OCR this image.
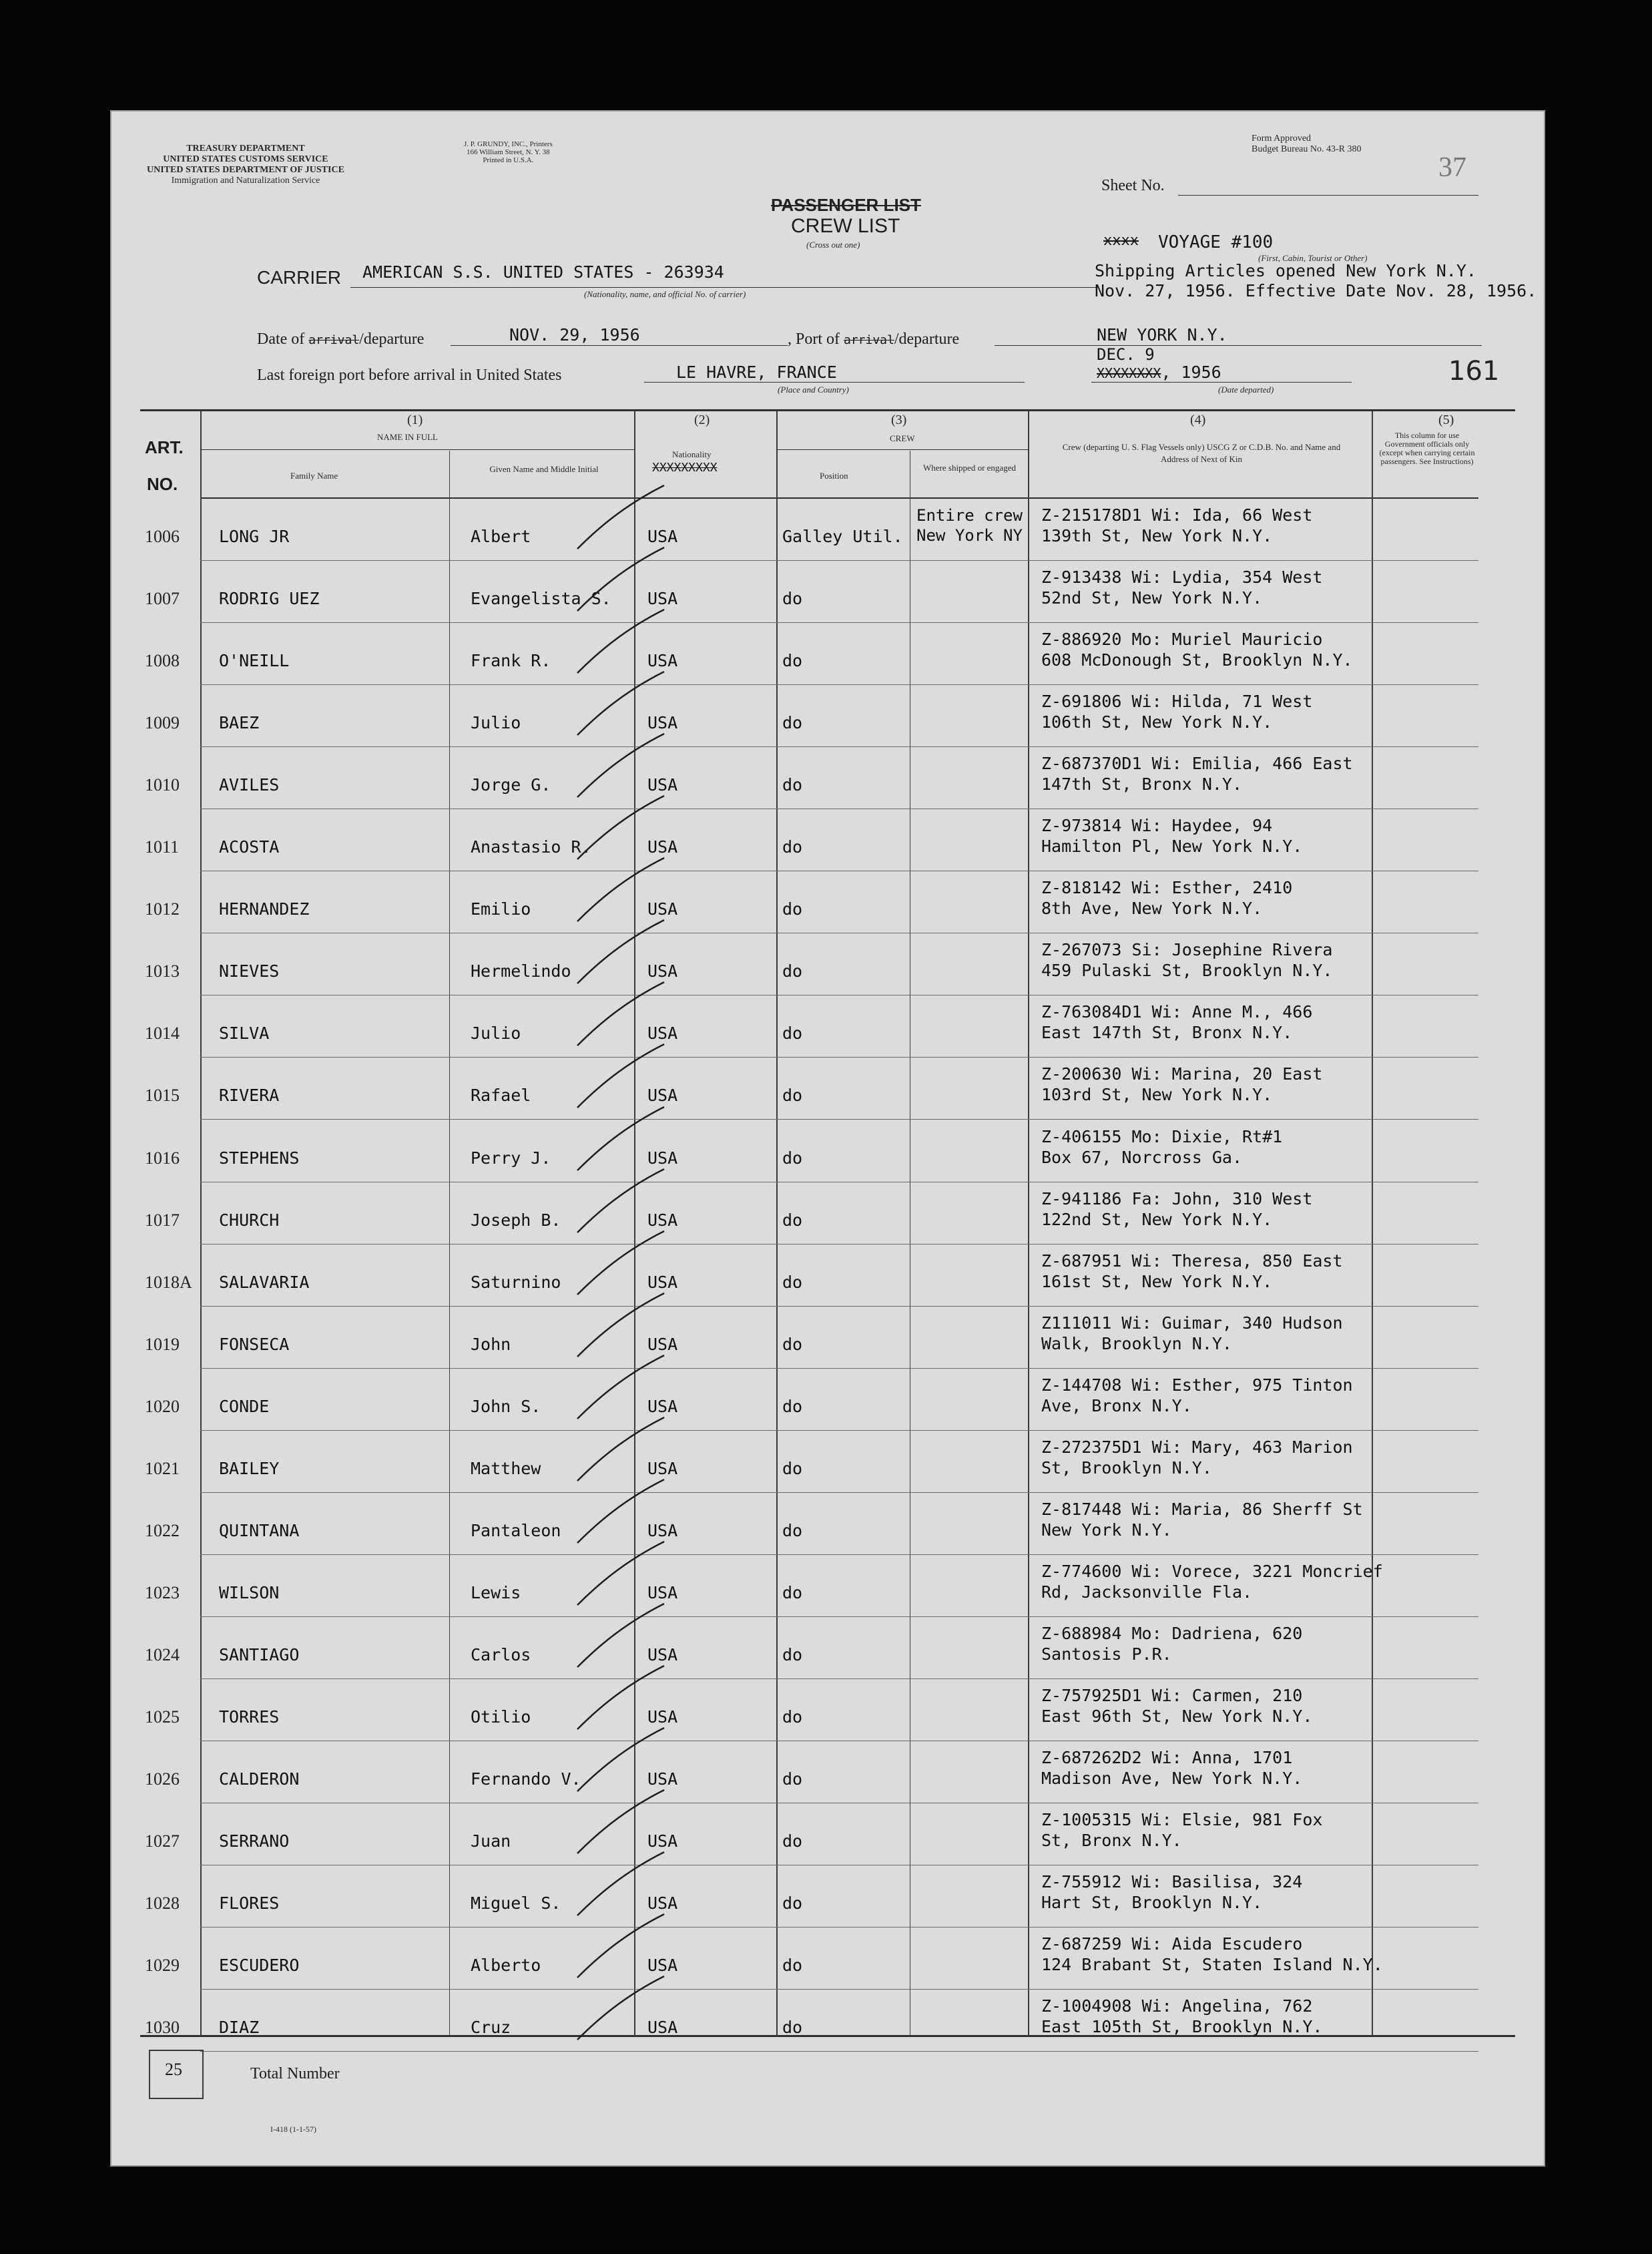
TREASURY DEPARTMENT
UNITED STATES CUSTOMS SERVICE
UNITED STATES DEPARTMENT OF JUSTICE
Immigration and Naturalization Service
J. P. GRUNDY, INC., Printers
166 William Street, N. Y. 38
Printed in U.S.A.
Form Approved
Budget Bureau No. 43-R 380
Sheet No.
37
PASSENGER LIST
CREW LIST
(Cross out one)	xxxx VOYAGE #100
(First, Cabin, Tourist or Other)
CARRIER AMERICAN S.S. UNITED STATES - 263934
(Nationality, name, and official No. of carrier)
Shipping Articles opened New York N.Y.
Nov. 27, 1956. Effective Date Nov. 28, 1956.
Date of arrival/departure	NOV. 29, 1956	, Port of arrival/departure	NEW YORK N.Y.
Last foreign port before arrival in United States	LE HAVRE, FRANCE
(Place and Country)
DEC. 9
XXXXXXXX, 1956
(Date departed)
161
ART.
NO.
(1)
NAME IN FULL
Family Name
Given Name and Middle Initial
(2)
Nationality
XXXXXXXXX
(3)
CREW
Position
Where shipped or engaged
(4)
Crew (departing U. S. Flag Vessels only) USCG Z or C.D.B. No. and Name and Address of Next of Kin
(5)
This column for use Government officials only (except when carrying certain passengers. See Instructions)
1006 LONG JR	Albert	USA	Galley Util.
Entire crew New York NY
Z-215178D1 Wi: Ida, 66 West
139th St, New York N.Y.
1007 RODRIG UEZ	Evangelista S. USA	do
Z-913438 Wi: Lydia, 354 West
52nd St, New York N.Y.
1008 O'NEILL	Frank R.	USA	do
Z-886920 Mo: Muriel Mauricio
608 McDonough St, Brooklyn N.Y.
1009 BAEZ	Julio	USA	do
Z-691806 Wi: Hilda, 71 West
106th St, New York N.Y.
1010 AVILES	Jorge G.	USA	do
Z-687370D1 Wi: Emilia, 466 East
147th St, Bronx N.Y.
1011 ACOSTA	Anastasio R.	USA	do
Z-973814 Wi: Haydee, 94
Hamilton Pl, New York N.Y.
1012 HERNANDEZ	Emilio	USA	do
Z-818142 Wi: Esther, 2410
8th Ave, New York N.Y.
1013 NIEVES	Hermelindo	USA	do
Z-267073 Si: Josephine Rivera
459 Pulaski St, Brooklyn N.Y.
1014 SILVA	Julio	USA	do
Z-763084D1 Wi: Anne M., 466
East 147th St, Bronx N.Y.
1015 RIVERA	Rafael	USA	do
Z-200630 Wi: Marina, 20 East
103rd St, New York N.Y.
1016 STEPHENS	Perry J.	USA	do
Z-406155 Mo: Dixie, Rt#1
Box 67, Norcross Ga.
1017 CHURCH	Joseph B.	USA	do
Z-941186 Fa: John, 310 West
122nd St, New York N.Y.
1018A SALAVARIA	Saturnino	USA	do
Z-687951 Wi: Theresa, 850 East
161st St, New York N.Y.
1019 FONSECA	John	USA	do
Z111011 Wi: Guimar, 340 Hudson
Walk, Brooklyn N.Y.
1020 CONDE	John S.	USA	do
Z-144708 Wi: Esther, 975 Tinton
Ave, Bronx N.Y.
1021 BAILEY	Matthew	USA	do
Z-272375D1 Wi: Mary, 463 Marion
St, Brooklyn N.Y.
1022 QUINTANA	Pantaleon	USA	do
Z-817448 Wi: Maria, 86 Sherff St
New York N.Y.
1023 WILSON	Lewis	USA	do
Z-774600 Wi: Vorece, 3221 Moncrief
Rd, Jacksonville Fla.
1024 SANTIAGO	Carlos	USA	do
Z-688984 Mo: Dadriena, 620
Santosis P.R.
1025 TORRES	Otilio	USA	do
Z-757925D1 Wi: Carmen, 210
East 96th St, New York N.Y.
1026 CALDERON	Fernando V.	USA	do
Z-687262D2 Wi: Anna, 1701
Madison Ave, New York N.Y.
1027 SERRANO	Juan	USA	do
Z-1005315 Wi: Elsie, 981 Fox
St, Bronx N.Y.
1028 FLORES	Miguel S.	USA	do
Z-755912 Wi: Basilisa, 324
Hart St, Brooklyn N.Y.
1029 ESCUDERO	Alberto	USA	do
Z-687259 Wi: Aida Escudero
124 Brabant St, Staten Island N.Y.
1030 DIAZ	Cruz	USA	do
Z-1004908 Wi: Angelina, 762
East 105th St, Brooklyn N.Y.
25	Total Number
I-418 (1-1-57)
